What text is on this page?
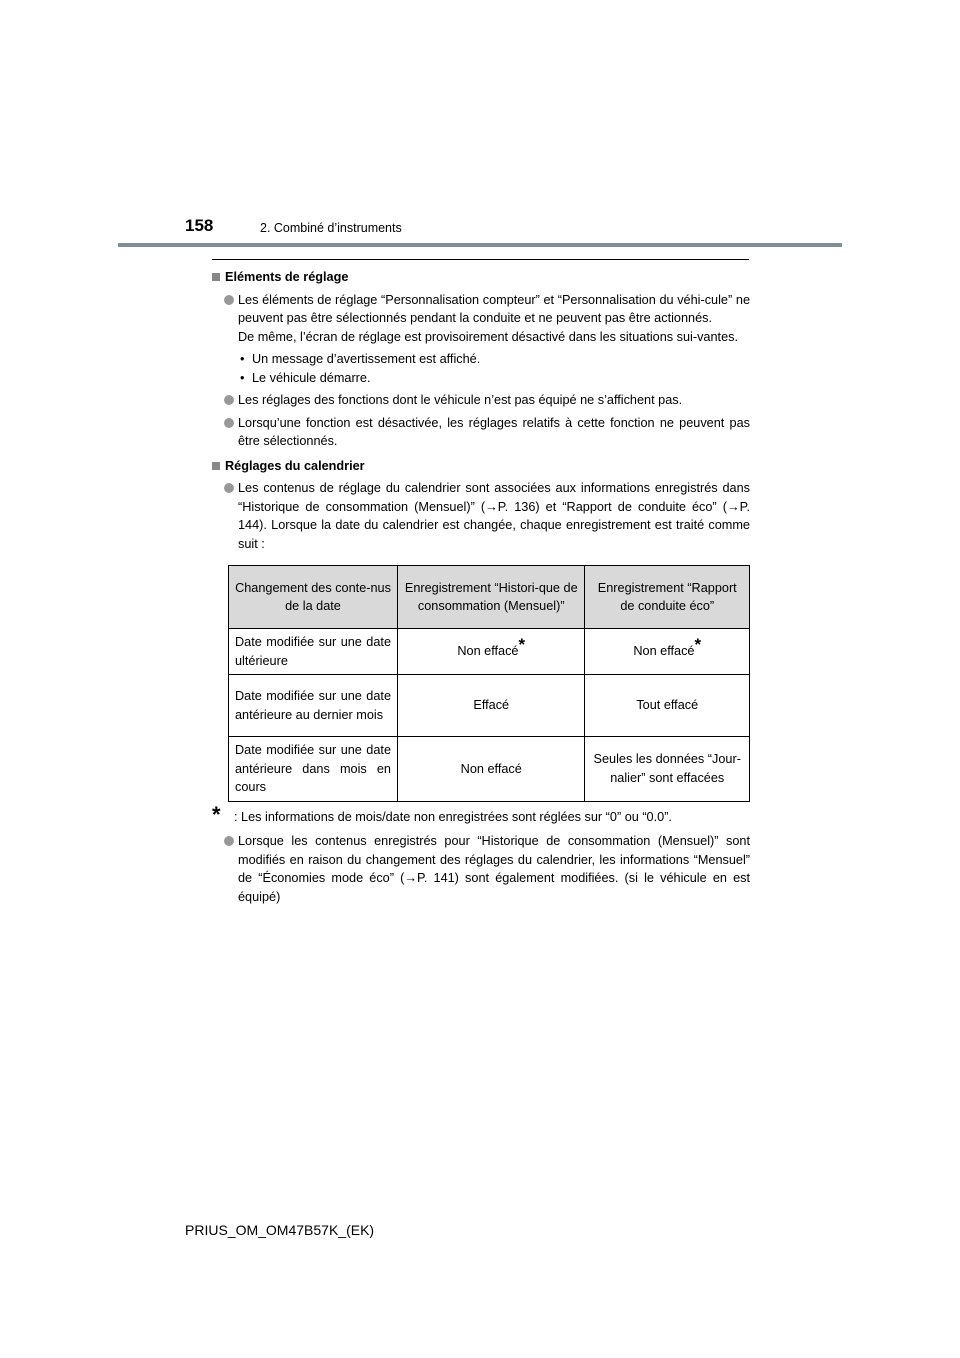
158	2. Combiné d’instruments
Eléments de réglage
Les éléments de réglage “Personnalisation compteur” et “Personnalisation du véhi-cule” ne peuvent pas être sélectionnés pendant la conduite et ne peuvent pas être actionnés.
De même, l’écran de réglage est provisoirement désactivé dans les situations sui-vantes.
• Un message d’avertissement est affiché.
• Le véhicule démarre.
Les réglages des fonctions dont le véhicule n’est pas équipé ne s’affichent pas.
Lorsqu’une fonction est désactivée, les réglages relatifs à cette fonction ne peuvent pas être sélectionnés.
Réglages du calendrier
Les contenus de réglage du calendrier sont associées aux informations enregistrés dans “Historique de consommation (Mensuel)” (→P. 136) et “Rapport de conduite éco” (→P. 144). Lorsque la date du calendrier est changée, chaque enregistrement est traité comme suit :
Changement des conte-nus de la date	Enregistrement “Histori-que de consommation (Mensuel)”	Enregistrement “Rapport de conduite éco”
Date modifiée sur une date ultérieure	Non effacé*	Non effacé*
Date modifiée sur une date antérieure au dernier mois	Effacé	Tout effacé
Date modifiée sur une date antérieure dans mois en cours	Non effacé	Seules les données “Jour-nalier” sont effacées
* : Les informations de mois/date non enregistrées sont réglées sur “0” ou “0.0”.
Lorsque les contenus enregistrés pour “Historique de consommation (Mensuel)” sont modifiés en raison du changement des réglages du calendrier, les informations “Mensuel” de “Économies mode éco” (→P. 141) sont également modifiées. (si le véhicule en est équipé)
PRIUS_OM_OM47B57K_(EK)
